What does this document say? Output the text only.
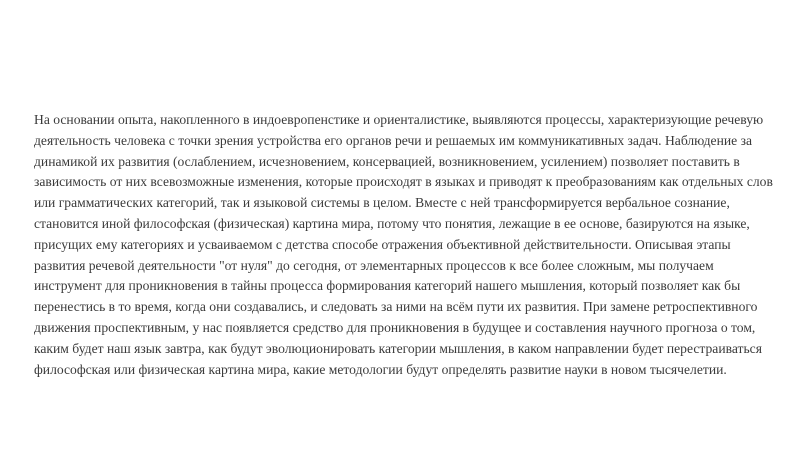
На основании опыта, накопленного в индоевропенстике и ориенталистике, выявляются процессы, характеризующие речевую деятельность человека с точки зрения устройства его органов речи и решаемых им коммуникативных задач. Наблюдение за динамикой их развития (ослаблением, исчезновением, консервацией, возникновением, усилением) позволяет поставить в зависимость от них всевозможные изменения, которые происходят в языках и приводят к преобразованиям как отдельных слов или грамматических категорий, так и языковой системы в целом. Вместе с ней трансформируется вербальное сознание, становится иной философская (физическая) картина мира, потому что понятия, лежащие в ее основе, базируются на языке, присущих ему категориях и усваиваемом с детства способе отражения объективной действительности. Описывая этапы развития речевой деятельности "от нуля" до сегодня, от элементарных процессов к все более сложным, мы получаем инструмент для проникновения в тайны процесса формирования категорий нашего мышления, который позволяет как бы перенестись в то время, когда они создавались, и следовать за ними на всём пути их развития. При замене ретроспективного движения проспективным, у нас появляется средство для проникновения в будущее и составления научного прогноза о том, каким будет наш язык завтра, как будут эволюционировать категории мышления, в каком направлении будет перестраиваться философская или физическая картина мира, какие методологии будут определять развитие науки в новом тысячелетии.
